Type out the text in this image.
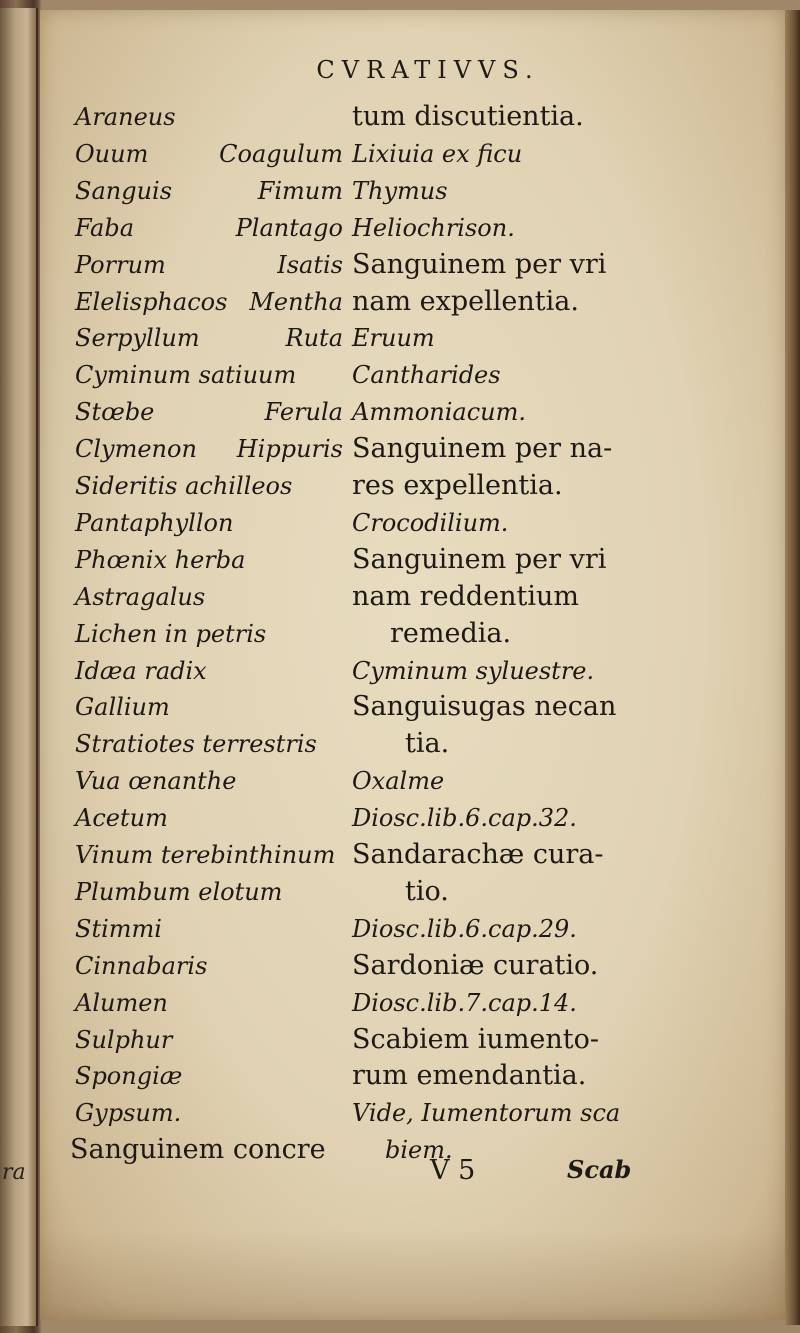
ra
CVRATIVVS.
Araneus
Ouum
Sanguis
Faba
Porrum
Elelisphacos
Serpyllum
Cyminum satiuum
Stœbe
Clymenon
Sideritis achilleos
Pantaphyllon
Phœnix herba
Astragalus
Lichen in petris
Idæa radix
Gallium
Stratiotes terrestris
Vua œnanthe
Acetum
Vinum terebinthinum
Plumbum elotum
Stimmi
Cinnabaris
Alumen
Sulphur
Spongiæ
Gypsum.
Sanguinem concre
Coagulum
Fimum
Plantago
Isatis
Mentha
Ruta
Ferula
Hippuris
tum discutientia.
Lixiuia ex ficu
Thymus
Heliochrison.
Sanguinem per vri
nam expellentia.
Eruum
Cantharides
Ammoniacum.
Sanguinem per na-
res expellentia.
Crocodilium.
Sanguinem per vri
nam reddentium
remedia.
Cyminum syluestre.
Sanguisugas necan
tia.
Oxalme
Diosc.lib.6.cap.32.
Sandarachæ cura-
tio.
Diosc.lib.6.cap.29.
Sardoniæ curatio.
Diosc.lib.7.cap.14.
Scabiem iumento-
rum emendantia.
Vide, Iumentorum sca
biem.
V 5	Scab
